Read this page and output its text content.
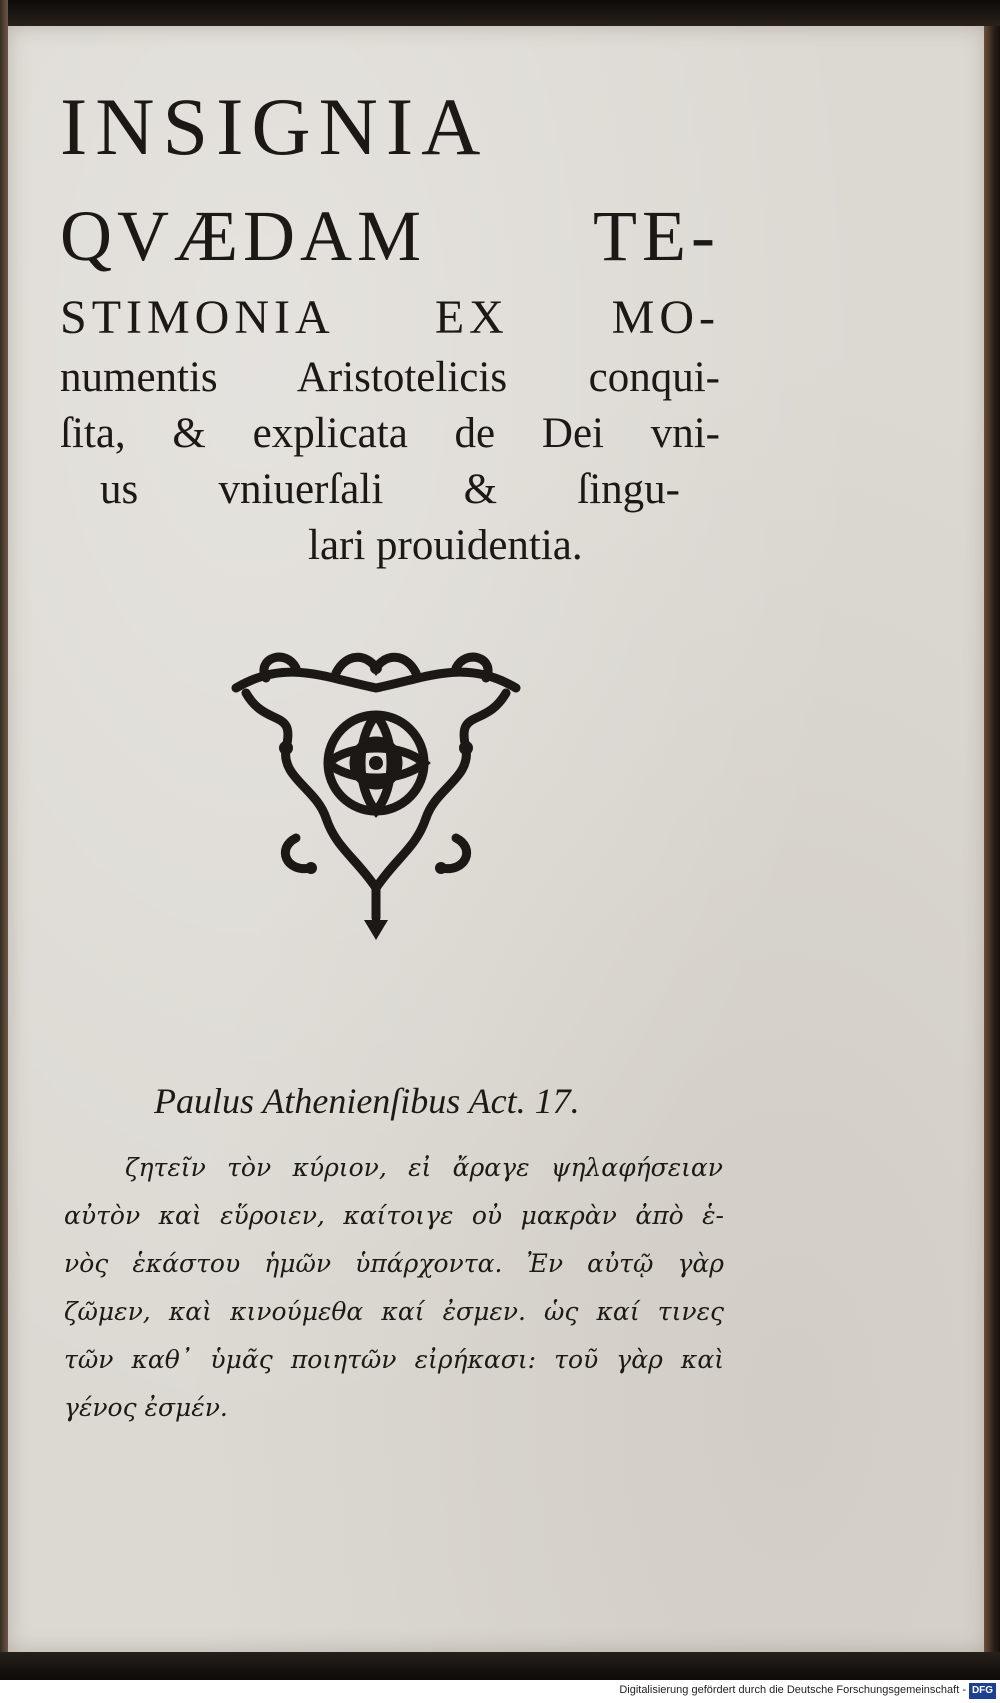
INSIGNIA
QVÆDAM TE-
STIMONIA EX MO-
numentis Aristotelicis conqui-
ſita, & explicata de Dei vni-
us vniuerſali & ſingu-
lari prouidentia.
Paulus Athenienſibus Act. 17.
ζητεῖν τὸν κύριον, εἰ ἄραγε ψηλαφήσειαν
αὐτὸν καὶ εὕροιεν, καίτοιγε οὐ μακρὰν ἀπὸ ἑ-
νὸς ἑκάστου ἡμῶν ὑπάρχοντα. Ἐν αὐτῷ γὰρ
ζῶμεν, καὶ κινούμεθα καί ἐσμεν. ὡς καί τινες
τῶν καθ᾽ ὑμᾶς ποιητῶν εἰρήκασι: τοῦ γὰρ καὶ
γένος ἐσμέν.
Digitalisierung gefördert durch die Deutsche Forschungsgemeinschaft - DFG
